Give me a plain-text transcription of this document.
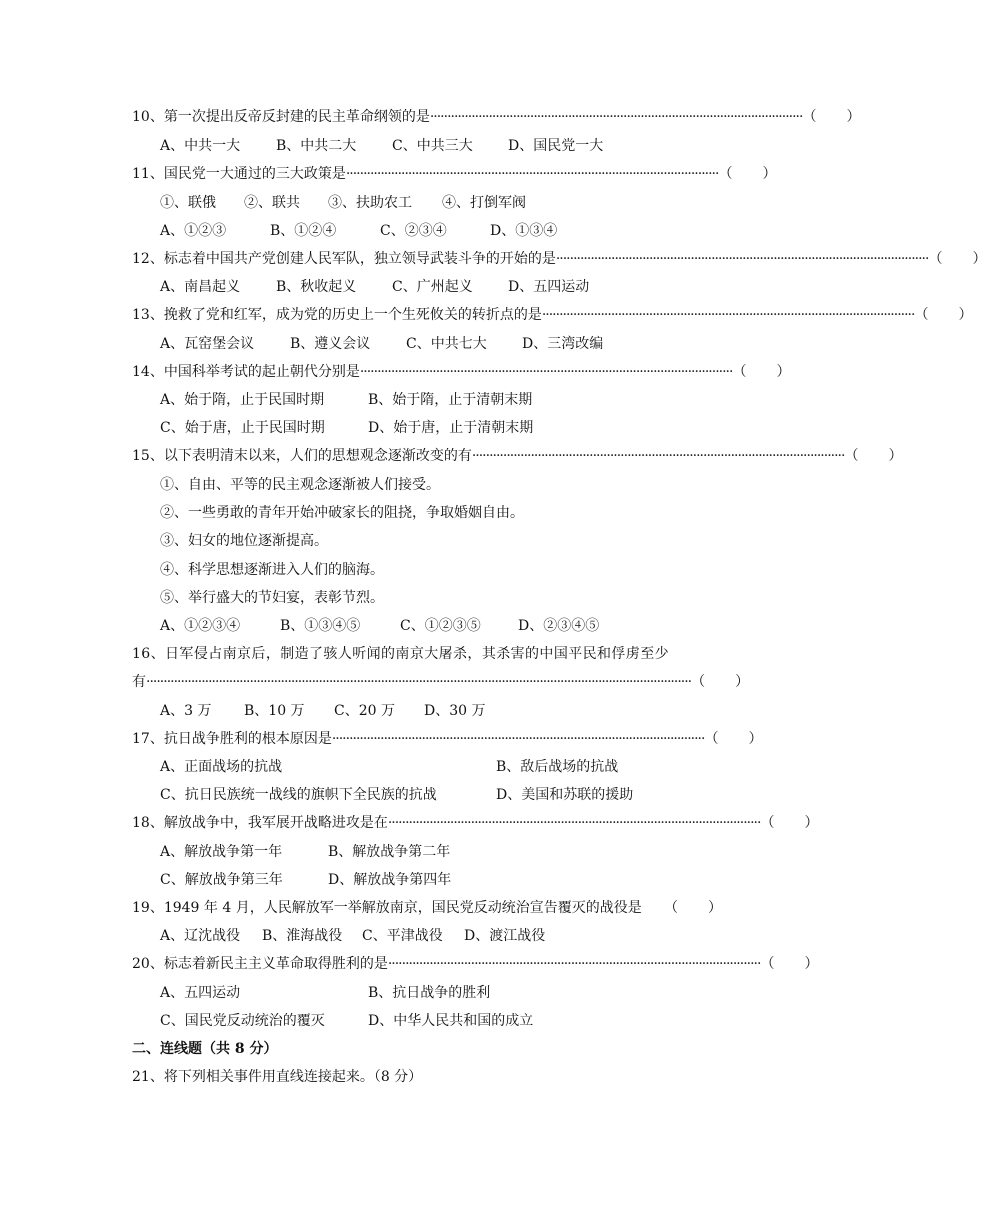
10、第一次提出反帝反封建的民主革命纲领的是 ············································································································ （ ）
A、中共一大	B、中共二大	C、中共三大	D、国民党一大
11、国民党一大通过的三大政策是 ············································································································ （ ）
①、联俄 ②、联共 ③、扶助农工 ④、打倒军阀
A、①②③	B、①②④	C、②③④	D、①③④
12、标志着中国共产党创建人民军队，独立领导武装斗争的开始的是 ············································································································ （ ）
A、南昌起义	B、秋收起义	C、广州起义	D、五四运动
13、挽救了党和红军，成为党的历史上一个生死攸关的转折点的是 ············································································································ （ ）
A、瓦窑堡会议	B、遵义会议	C、中共七大	D、三湾改编
14、中国科举考试的起止朝代分别是 ············································································································ （ ）
A、始于隋，止于民国时期	B、始于隋，止于清朝末期
C、始于唐，止于民国时期	D、始于唐，止于清朝末期
15、以下表明清末以来，人们的思想观念逐渐改变的有 ············································································································ （ ）
①、自由、平等的民主观念逐渐被人们接受。
②、一些勇敢的青年开始冲破家长的阻挠，争取婚姻自由。
③、妇女的地位逐渐提高。
④、科学思想逐渐进入人们的脑海。
⑤、举行盛大的节妇宴，表彰节烈。
A、①②③④	B、①③④⑤	C、①②③⑤	D、②③④⑤
16、日军侵占南京后，制造了骇人听闻的南京大屠杀，其杀害的中国平民和俘虏至少
有 ······························································································································································ （ ）
A、3 万 B、10 万 C、20 万 D、30 万
17、抗日战争胜利的根本原因是 ············································································································ （ ）
A、正面战场的抗战	B、敌后战场的抗战
C、抗日民族统一战线的旗帜下全民族的抗战	D、美国和苏联的援助
18、解放战争中，我军展开战略进攻是在 ············································································································ （ ）
A、解放战争第一年	B、解放战争第二年
C、解放战争第三年	D、解放战争第四年
19、1949 年 4 月，人民解放军一举解放南京，国民党反动统治宣告覆灭的战役是 （ ）
A、辽沈战役 B、淮海战役 C、平津战役 D、渡江战役
20、标志着新民主主义革命取得胜利的是 ············································································································ （ ）
A、五四运动	B、抗日战争的胜利
C、国民党反动统治的覆灭	D、中华人民共和国的成立
二、连线题（共 8 分）
21、将下列相关事件用直线连接起来。（8 分）
